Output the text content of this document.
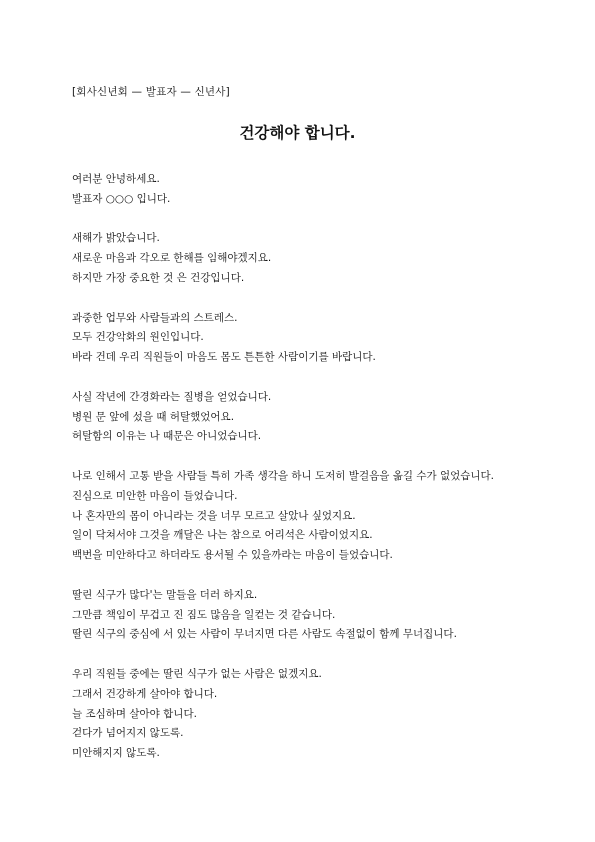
[회사신년회 — 발표자 — 신년사]
건강해야 합니다.
여러분 안녕하세요.
발표자 ○○○ 입니다.
새해가 밝았습니다.
새로운 마음과 각오로 한해를 임해야겠지요.
하지만 가장 중요한 것 은 건강입니다.
과중한 업무와 사람들과의 스트레스.
모두 건강악화의 원인입니다.
바라 건데 우리 직원들이 마음도 몸도 튼튼한 사람이기를 바랍니다.
사실 작년에 간경화라는 질병을 얻었습니다.
병원 문 앞에 섰을 때 허탈했었어요.
허탈함의 이유는 나 때문은 아니었습니다.
나로 인해서 고통 받을 사람들 특히 가족 생각을 하니 도저히 발걸음을 옮길 수가 없었습니다.
진심으로 미안한 마음이 들었습니다.
나 혼자만의 몸이 아니라는 것을 너무 모르고 살았나 싶었지요.
일이 닥쳐서야 그것을 깨달은 나는 참으로 어리석은 사람이었지요.
백번을 미안하다고 하더라도 용서될 수 있을까라는 마음이 들었습니다.
딸린 식구가 많다'는 말들을 더러 하지요.
그만큼 책임이 무겁고 진 짐도 많음을 일컫는 것 같습니다.
딸린 식구의 중심에 서 있는 사람이 무너지면 다른 사람도 속절없이 함께 무너집니다.
우리 직원들 중에는 딸린 식구가 없는 사람은 없겠지요.
그래서 건강하게 살아야 합니다.
늘 조심하며 살아야 합니다.
걷다가 넘어지지 않도록.
미안해지지 않도록.
